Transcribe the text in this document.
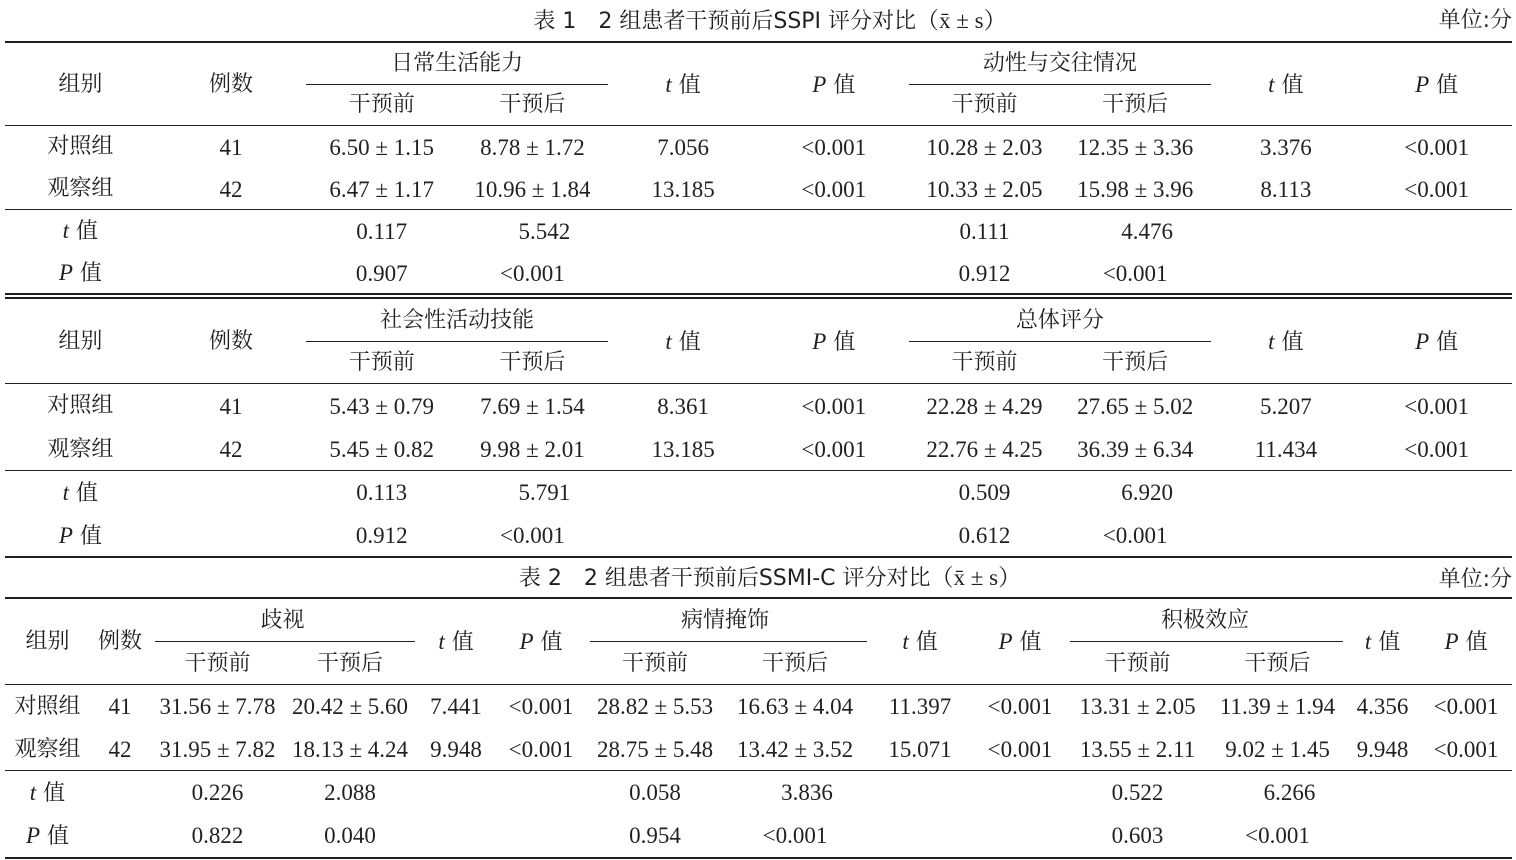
表 1　2 组患者干预前后SSPI 评分对比（x̄ ± s）	单位:分
组别	例数	日常生活能力		t 值	P 值	动性与交往情况		t 值	P 值
		干预前	干预后			干预前	干预后		
对照组	41	6.50 ± 1.15	8.78 ± 1.72	7.056	<0.001	10.28 ± 2.03	12.35 ± 3.36	3.376	<0.001
观察组	42	6.47 ± 1.17	10.96 ± 1.84	13.185	<0.001	10.33 ± 2.05	15.98 ± 3.96	8.113	<0.001
t 值		0.117	5.542			0.111	4.476		
P 值		0.907	<0.001			0.912	<0.001		
组别	例数	社会性活动技能		t 值	P 值	总体评分		t 值	P 值
		干预前	干预后			干预前	干预后		
对照组	41	5.43 ± 0.79	7.69 ± 1.54	8.361	<0.001	22.28 ± 4.29	27.65 ± 5.02	5.207	<0.001
观察组	42	5.45 ± 0.82	9.98 ± 2.01	13.185	<0.001	22.76 ± 4.25	36.39 ± 6.34	11.434	<0.001
t 值		0.113	5.791			0.509	6.920		
P 值		0.912	<0.001			0.612	<0.001		
表 2　2 组患者干预前后SSMI-C 评分对比（x̄ ± s）	单位:分
组别	例数	歧视		t 值	P 值	病情掩饰		t 值	P 值	积极效应		t 值	P 值
		干预前	干预后			干预前	干预后			干预前	干预后		
对照组	41	31.56 ± 7.78	20.42 ± 5.60	7.441	<0.001	28.82 ± 5.53	16.63 ± 4.04	11.397	<0.001	13.31 ± 2.05	11.39 ± 1.94	4.356	<0.001
观察组	42	31.95 ± 7.82	18.13 ± 4.24	9.948	<0.001	28.75 ± 5.48	13.42 ± 3.52	15.071	<0.001	13.55 ± 2.11	9.02 ± 1.45	9.948	<0.001
t 值		0.226	2.088			0.058	3.836			0.522	6.266		
P 值		0.822	0.040			0.954	<0.001			0.603	<0.001		
